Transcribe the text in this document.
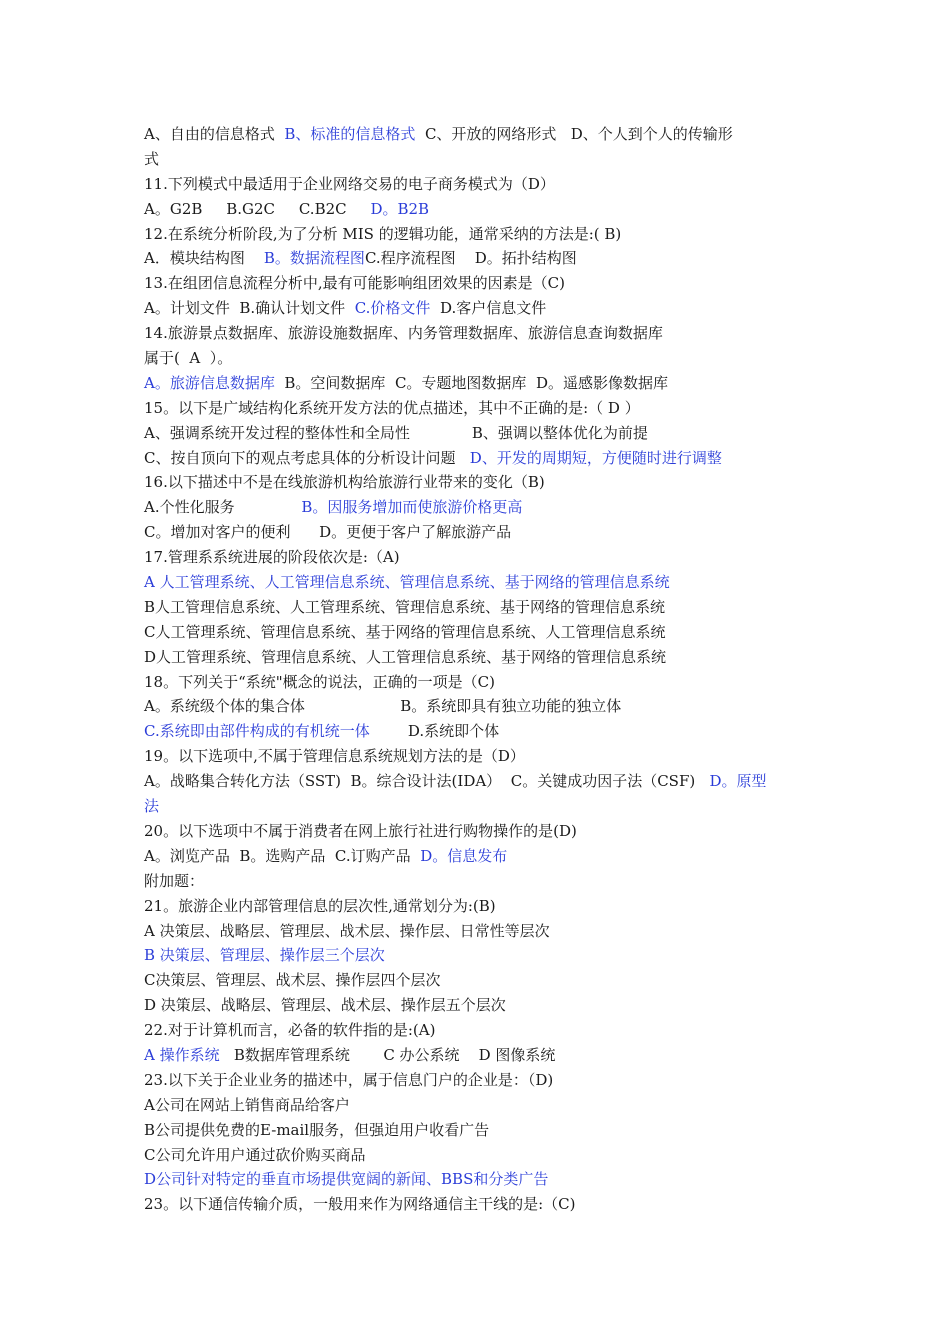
A、自由的信息格式  B、标准的信息格式  C、开放的网络形式   D、个人到个人的传输形
式
11.下列模式中最适用于企业网络交易的电子商务模式为（D）
A。G2B     B.G2C     C.B2C     D。B2B
12.在系统分析阶段,为了分析 MIS 的逻辑功能，通常采纳的方法是:( B)
A．模块结构图    B。数据流程图C.程序流程图    D。拓扑结构图
13.在组团信息流程分析中,最有可能影响组团效果的因素是（C)
A。计划文件  B.确认计划文件  C.价格文件  D.客户信息文件
14.旅游景点数据库、旅游设施数据库、内务管理数据库、旅游信息查询数据库
属于(  A  ）。
A。旅游信息数据库  B。空间数据库  C。专题地图数据库  D。遥感影像数据库
15。以下是广域结构化系统开发方法的优点描述，其中不正确的是:（ D ）
A、强调系统开发过程的整体性和全局性             B、强调以整体优化为前提
C、按自顶向下的观点考虑具体的分析设计问题   D、开发的周期短，方便随时进行调整
16.以下描述中不是在线旅游机构给旅游行业带来的变化（B)
A.个性化服务              B。因服务增加而使旅游价格更高
C。增加对客户的便利      D。更便于客户了解旅游产品
17.管理系系统进展的阶段依次是:（A)
A 人工管理系统、人工管理信息系统、管理信息系统、基于网络的管理信息系统
B人工管理信息系统、人工管理系统、管理信息系统、基于网络的管理信息系统
C人工管理系统、管理信息系统、基于网络的管理信息系统、人工管理信息系统
D人工管理系统、管理信息系统、人工管理信息系统、基于网络的管理信息系统
18。下列关于“系统"概念的说法，正确的一项是（C)
A。系统级个体的集合体                    B。系统即具有独立功能的独立体
C.系统即由部件构成的有机统一体        D.系统即个体
19。以下选项中,不属于管理信息系统规划方法的是（D）
A。战略集合转化方法（SST)  B。综合设计法(IDA）  C。关键成功因子法（CSF)   D。原型
法
20。以下选项中不属于消费者在网上旅行社进行购物操作的是(D)
A。浏览产品  B。选购产品  C.订购产品  D。信息发布
附加题：
21。旅游企业内部管理信息的层次性,通常划分为:(B)
A 决策层、战略层、管理层、战术层、操作层、日常性等层次
B 决策层、管理层、操作层三个层次
C决策层、管理层、战术层、操作层四个层次
D 决策层、战略层、管理层、战术层、操作层五个层次
22.对于计算机而言，必备的软件指的是:(A)
A 操作系统   B数据库管理系统       C 办公系统    D 图像系统
23.以下关于企业业务的描述中，属于信息门户的企业是：（D)
A公司在网站上销售商品给客户
B公司提供免费的E-mail服务，但强迫用户收看广告
C公司允许用户通过砍价购买商品
D公司针对特定的垂直市场提供宽阔的新闻、BBS和分类广告
23。以下通信传输介质，一般用来作为网络通信主干线的是:（C)
